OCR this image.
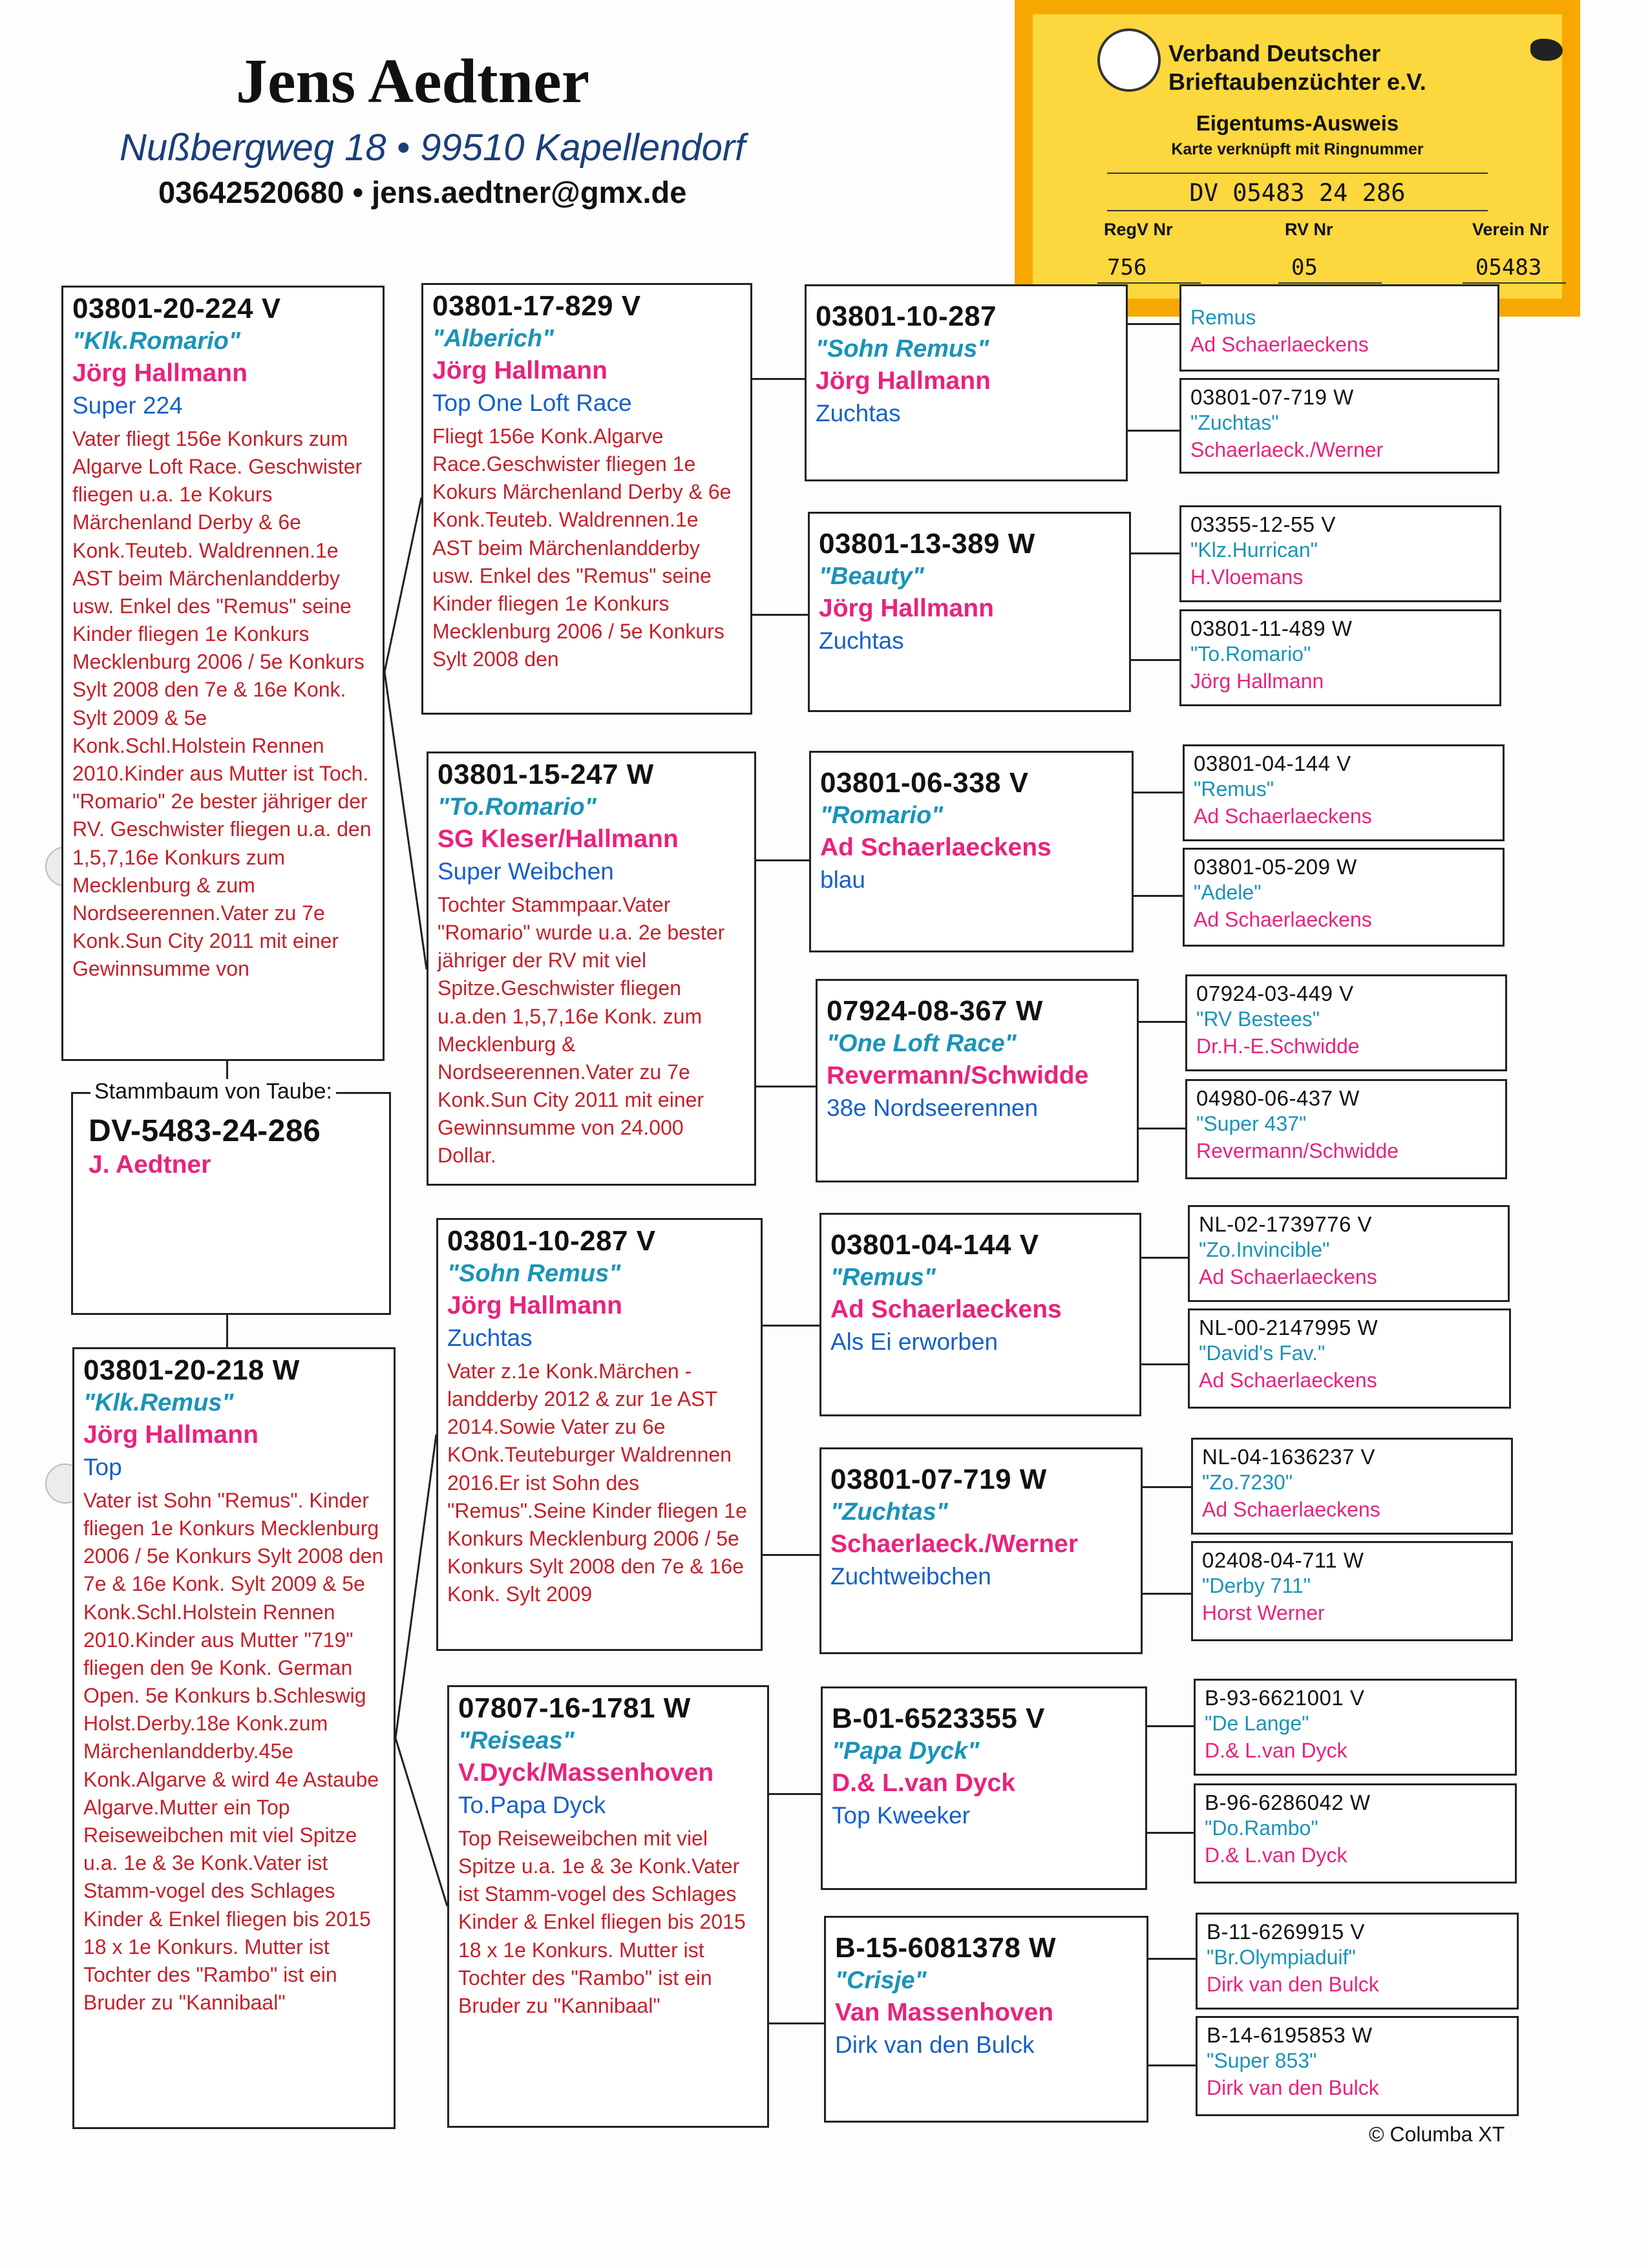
Jens Aedtner
Nußbergweg 18 • 99510 Kapellendorf
03642520680 • jens.aedtner@gmx.de
Verband Deutscher
Brieftaubenzüchter e.V.
Eigentums-Ausweis
Karte verknüpft mit Ringnummer
DV 05483 24 286
RegV Nr	RV Nr	Verein Nr
756	05	05483
03801-20-224 V
"Klk.Romario"
Jörg Hallmann
Super 224
Vater fliegt 156e Konkurs zum Algarve Loft Race. Geschwister fliegen u.a. 1e Kokurs Märchenland Derby & 6e Konk.Teuteb. Waldrennen.1e AST beim Märchenlandderby usw. Enkel des "Remus" seine Kinder fliegen 1e Konkurs Mecklenburg 2006 / 5e Konkurs Sylt 2008 den 7e & 16e Konk. Sylt 2009 & 5e Konk.Schl.Holstein Rennen 2010.Kinder aus Mutter ist Toch. "Romario" 2e bester jähriger der RV. Geschwister fliegen u.a. den 1,5,7,16e Konkurs zum Mecklenburg & zum Nordseerennen.Vater zu 7e Konk.Sun City 2011 mit einer Gewinnsumme von
Stammbaum von Taube:
DV-5483-24-286
J. Aedtner
03801-20-218 W
"Klk.Remus"
Jörg Hallmann
Top
Vater ist Sohn "Remus". Kinder fliegen 1e Konkurs Mecklenburg 2006 / 5e Konkurs Sylt 2008 den 7e & 16e Konk. Sylt 2009 & 5e Konk.Schl.Holstein Rennen 2010.Kinder aus Mutter "719" fliegen den 9e Konk. German Open. 5e Konkurs b.Schleswig Holst.Derby.18e Konk.zum Märchenlandderby.45e Konk.Algarve & wird 4e Astaube Algarve.Mutter ein Top Reiseweibchen mit viel Spitze u.a. 1e & 3e Konk.Vater ist Stamm-vogel des Schlages Kinder & Enkel fliegen bis 2015 18 x 1e Konkurs. Mutter ist Tochter des "Rambo" ist ein Bruder zu "Kannibaal"
03801-17-829 V
"Alberich"
Jörg Hallmann
Top One Loft Race
Fliegt 156e Konk.Algarve Race.Geschwister fliegen 1e Kokurs Märchenland Derby & 6e Konk.Teuteb. Waldrennen.1e AST beim Märchenlandderby usw. Enkel des "Remus" seine Kinder fliegen 1e Konkurs Mecklenburg 2006 / 5e Konkurs Sylt 2008 den
03801-15-247 W
"To.Romario"
SG Kleser/Hallmann
Super Weibchen
Tochter Stammpaar.Vater "Romario" wurde u.a. 2e bester jähriger der RV mit viel Spitze.Geschwister fliegen u.a.den 1,5,7,16e Konk. zum Mecklenburg & Nordseerennen.Vater zu 7e Konk.Sun City 2011 mit einer Gewinnsumme von 24.000 Dollar.
03801-10-287 V
"Sohn Remus"
Jörg Hallmann
Zuchtas
Vater z.1e Konk.Märchen -landderby 2012 & zur 1e AST 2014.Sowie Vater zu 6e KOnk.Teuteburger Waldrennen 2016.Er ist Sohn des "Remus".Seine Kinder fliegen 1e Konkurs Mecklenburg 2006 / 5e Konkurs Sylt 2008 den 7e & 16e Konk. Sylt 2009
07807-16-1781 W
"Reiseas"
V.Dyck/Massenhoven
To.Papa Dyck
Top Reiseweibchen mit viel Spitze u.a. 1e & 3e Konk.Vater ist Stamm-vogel des Schlages Kinder & Enkel fliegen bis 2015 18 x 1e Konkurs. Mutter ist Tochter des "Rambo" ist ein Bruder zu "Kannibaal"
03801-10-287
"Sohn Remus"
Jörg Hallmann
Zuchtas
03801-13-389 W
"Beauty"
Jörg Hallmann
Zuchtas
03801-06-338 V
"Romario"
Ad Schaerlaeckens
blau
07924-08-367 W
"One Loft Race"
Revermann/Schwidde
38e Nordseerennen
03801-04-144 V
"Remus"
Ad Schaerlaeckens
Als Ei erworben
03801-07-719 W
"Zuchtas"
Schaerlaeck./Werner
Zuchtweibchen
B-01-6523355 V
"Papa Dyck"
D.& L.van Dyck
Top Kweeker
B-15-6081378 W
"Crisje"
Van Massenhoven
Dirk van den Bulck
Remus
Ad Schaerlaeckens
03801-07-719 W
"Zuchtas"
Schaerlaeck./Werner
03355-12-55 V
"Klz.Hurrican"
H.Vloemans
03801-11-489 W
"To.Romario"
Jörg Hallmann
03801-04-144 V
"Remus"
Ad Schaerlaeckens
03801-05-209 W
"Adele"
Ad Schaerlaeckens
07924-03-449 V
"RV Bestees"
Dr.H.-E.Schwidde
04980-06-437 W
"Super 437"
Revermann/Schwidde
NL-02-1739776 V
"Zo.Invincible"
Ad Schaerlaeckens
NL-00-2147995 W
"David's Fav."
Ad Schaerlaeckens
NL-04-1636237 V
"Zo.7230"
Ad Schaerlaeckens
02408-04-711 W
"Derby 711"
Horst Werner
B-93-6621001 V
"De Lange"
D.& L.van Dyck
B-96-6286042 W
"Do.Rambo"
D.& L.van Dyck
B-11-6269915 V
"Br.Olympiaduif"
Dirk van den Bulck
B-14-6195853 W
"Super 853"
Dirk van den Bulck
© Columba XT
